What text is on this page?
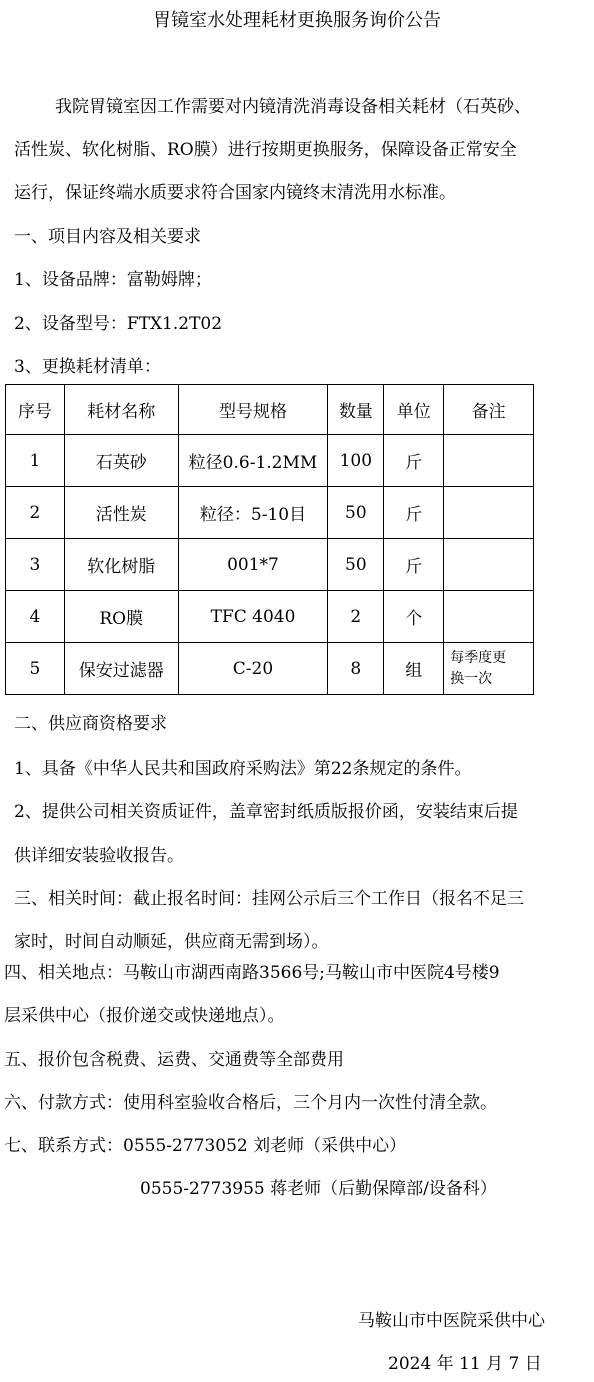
胃镜室水处理耗材更换服务询价公告
我院胃镜室因工作需要对内镜清洗消毒设备相关耗材（石英砂、
活性炭、软化树脂、RO膜）进行按期更换服务，保障设备正常安全
运行，保证终端水质要求符合国家内镜终末清洗用水标准。
一、项目内容及相关要求
1、设备品牌：富勒姆牌；
2、设备型号：FTX1.2T02
3、更换耗材清单：
序号	耗材名称	型号规格	数量	单位	备注
1	石英砂	粒径0.6-1.2MM	100	斤	
2	活性炭	粒径：5-10目	50	斤	
3	软化树脂	001*7	50	斤	
4	RO膜	TFC 4040	2	个	
5	保安过滤器	C-20	8	组	每季度更
换一次
二、供应商资格要求
1、具备《中华人民共和国政府采购法》第22条规定的条件。
2、提供公司相关资质证件，盖章密封纸质版报价函，安装结束后提
供详细安装验收报告。
三、相关时间：截止报名时间：挂网公示后三个工作日（报名不足三
家时，时间自动顺延，供应商无需到场）。
四、相关地点：马鞍山市湖西南路3566号;马鞍山市中医院4号楼9
层采供中心（报价递交或快递地点）。
五、报价包含税费、运费、交通费等全部费用
六、付款方式：使用科室验收合格后，三个月内一次性付清全款。
七、联系方式：0555-2773052 刘老师（采供中心）
0555-2773955 蒋老师（后勤保障部/设备科）
马鞍山市中医院采供中心
2024 年 11 月 7 日
